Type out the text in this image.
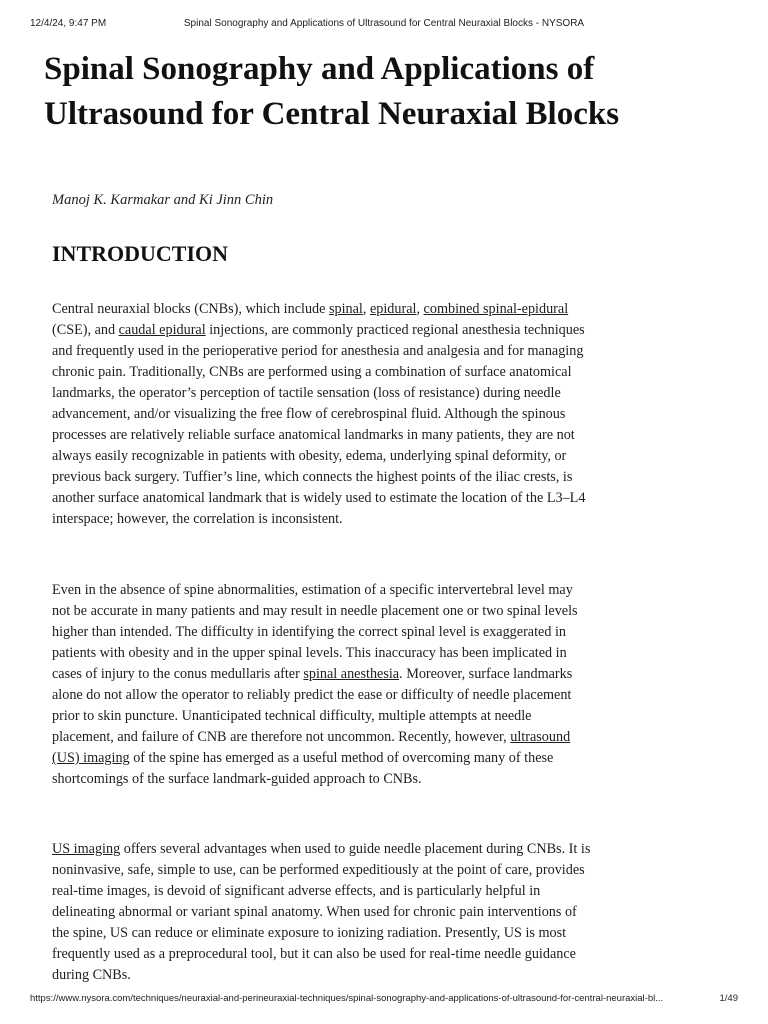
12/4/24, 9:47 PM	Spinal Sonography and Applications of Ultrasound for Central Neuraxial Blocks - NYSORA
Spinal Sonography and Applications of Ultrasound for Central Neuraxial Blocks

Manoj K. Karmakar and Ki Jinn Chin

INTRODUCTION

Central neuraxial blocks (CNBs), which include spinal, epidural, combined spinal-epidural (CSE), and caudal epidural injections, are commonly practiced regional anesthesia techniques and frequently used in the perioperative period for anesthesia and analgesia and for managing chronic pain. Traditionally, CNBs are performed using a combination of surface anatomical landmarks, the operator’s perception of tactile sensation (loss of resistance) during needle advancement, and/or visualizing the free flow of cerebrospinal fluid. Although the spinous processes are relatively reliable surface anatomical landmarks in many patients, they are not always easily recognizable in patients with obesity, edema, underlying spinal deformity, or previous back surgery. Tuffier’s line, which connects the highest points of the iliac crests, is another surface anatomical landmark that is widely used to estimate the location of the L3–L4 interspace; however, the correlation is inconsistent.

Even in the absence of spine abnormalities, estimation of a specific intervertebral level may not be accurate in many patients and may result in needle placement one or two spinal levels higher than intended. The difficulty in identifying the correct spinal level is exaggerated in patients with obesity and in the upper spinal levels. This inaccuracy has been implicated in cases of injury to the conus medullaris after spinal anesthesia. Moreover, surface landmarks alone do not allow the operator to reliably predict the ease or difficulty of needle placement prior to skin puncture. Unanticipated technical difficulty, multiple attempts at needle placement, and failure of CNB are therefore not uncommon. Recently, however, ultrasound (US) imaging of the spine has emerged as a useful method of overcoming many of these shortcomings of the surface landmark-guided approach to CNBs.

US imaging offers several advantages when used to guide needle placement during CNBs. It is noninvasive, safe, simple to use, can be performed expeditiously at the point of care, provides real-time images, is devoid of significant adverse effects, and is particularly helpful in delineating abnormal or variant spinal anatomy. When used for chronic pain interventions of the spine, US can reduce or eliminate exposure to ionizing radiation. Presently, US is most frequently used as a preprocedural tool, but it can also be used for real-time needle guidance during CNBs.

https://www.nysora.com/techniques/neuraxial-and-perineuraxial-techniques/spinal-sonography-and-applications-of-ultrasound-for-central-neuraxial-bl...	1/49
